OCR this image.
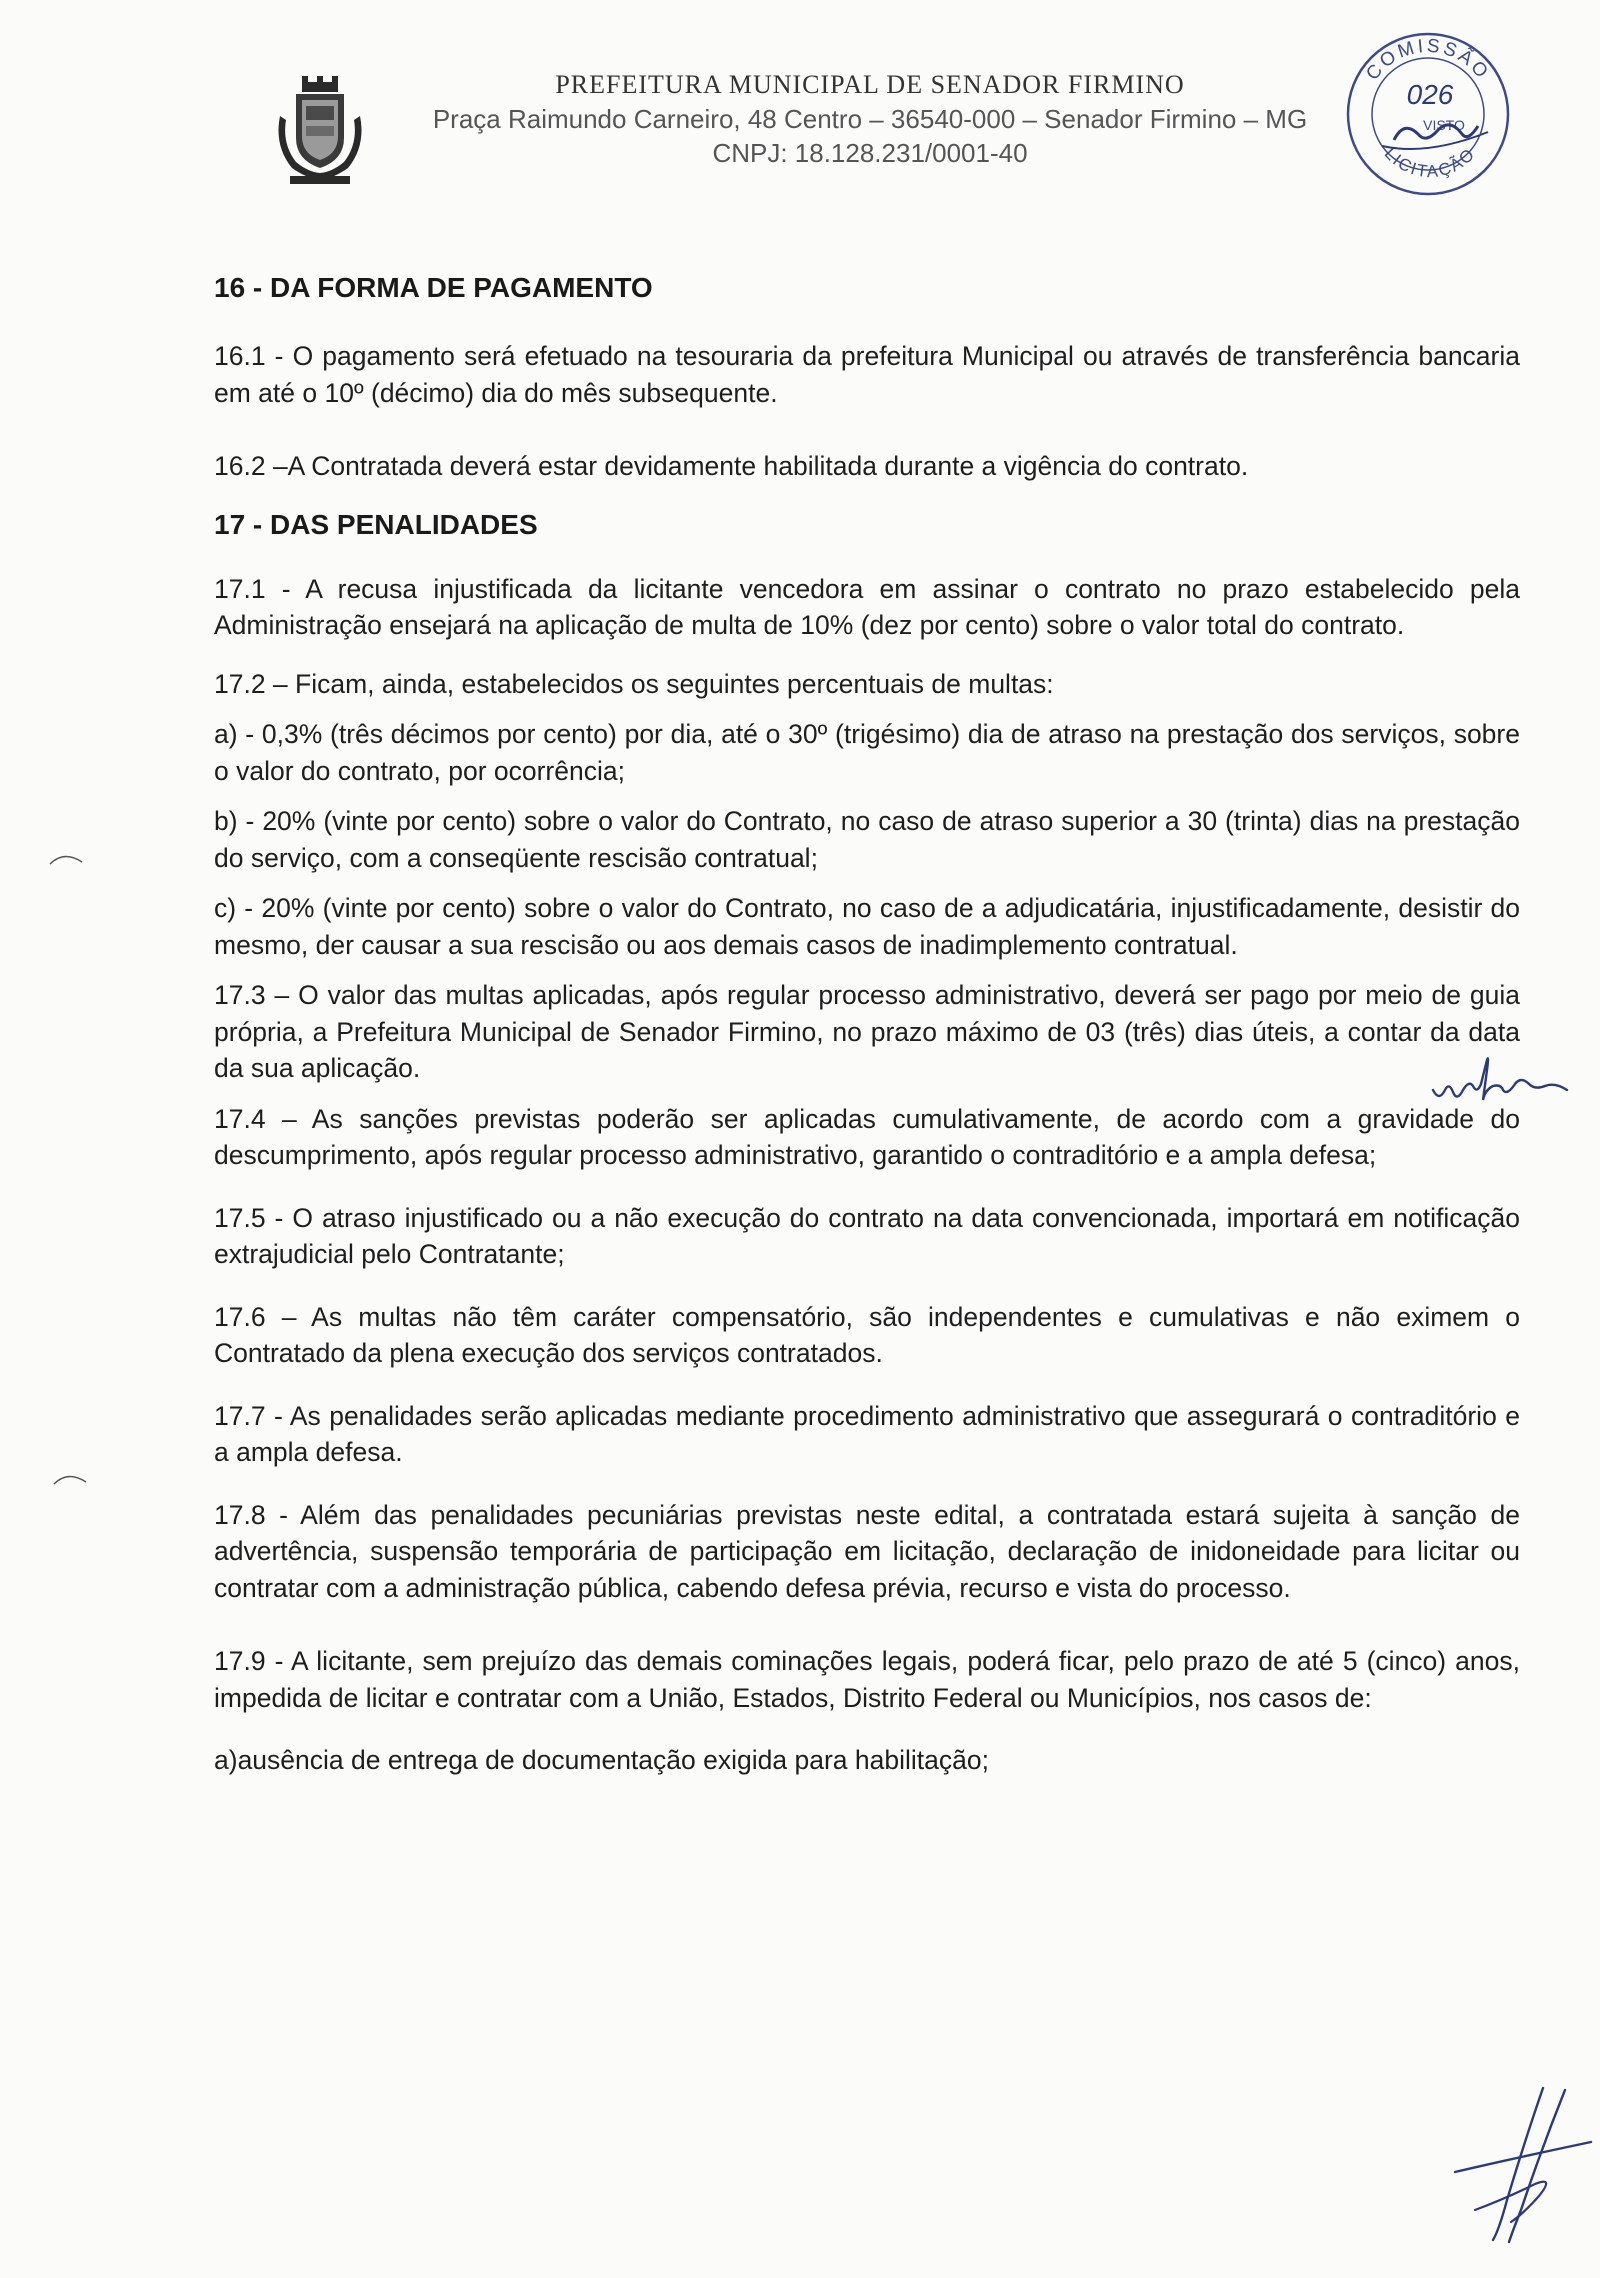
PREFEITURA MUNICIPAL DE SENADOR FIRMINO
Praça Raimundo Carneiro, 48 Centro – 36540-000 – Senador Firmino – MG
CNPJ: 18.128.231/0001-40
COMISSÃO
LICITAÇÃO
026
VISTO

16 - DA FORMA DE PAGAMENTO

16.1 - O pagamento será efetuado na tesouraria da prefeitura Municipal ou através de transferência bancaria em até o 10º (décimo) dia do mês subsequente.

16.2 –A Contratada deverá estar devidamente habilitada durante a vigência do contrato.

17 - DAS PENALIDADES

17.1 - A recusa injustificada da licitante vencedora em assinar o contrato no prazo estabelecido pela Administração ensejará na aplicação de multa de 10% (dez por cento) sobre o valor total do contrato.

17.2 – Ficam, ainda, estabelecidos os seguintes percentuais de multas:

a) - 0,3% (três décimos por cento) por dia, até o 30º (trigésimo) dia de atraso na prestação dos serviços, sobre o valor do contrato, por ocorrência;

b) - 20% (vinte por cento) sobre o valor do Contrato, no caso de atraso superior a 30 (trinta) dias na prestação do serviço, com a conseqüente rescisão contratual;

c) - 20% (vinte por cento) sobre o valor do Contrato, no caso de a adjudicatária, injustificadamente, desistir do mesmo, der causar a sua rescisão ou aos demais casos de inadimplemento contratual.

17.3 – O valor das multas aplicadas, após regular processo administrativo, deverá ser pago por meio de guia própria, a Prefeitura Municipal de Senador Firmino, no prazo máximo de 03 (três) dias úteis, a contar da data da sua aplicação.

17.4 – As sanções previstas poderão ser aplicadas cumulativamente, de acordo com a gravidade do descumprimento, após regular processo administrativo, garantido o contraditório e a ampla defesa;

17.5 - O atraso injustificado ou a não execução do contrato na data convencionada, importará em notificação extrajudicial pelo Contratante;

17.6 – As multas não têm caráter compensatório, são independentes e cumulativas e não eximem o Contratado da plena execução dos serviços contratados.

17.7 - As penalidades serão aplicadas mediante procedimento administrativo que assegurará o contraditório e a ampla defesa.

17.8 - Além das penalidades pecuniárias previstas neste edital, a contratada estará sujeita à sanção de advertência, suspensão temporária de participação em licitação, declaração de inidoneidade para licitar ou contratar com a administração pública, cabendo defesa prévia, recurso e vista do processo.

17.9 - A licitante, sem prejuízo das demais cominações legais, poderá ficar, pelo prazo de até 5 (cinco) anos, impedida de licitar e contratar com a União, Estados, Distrito Federal ou Municípios, nos casos de:

a)ausência de entrega de documentação exigida para habilitação;
